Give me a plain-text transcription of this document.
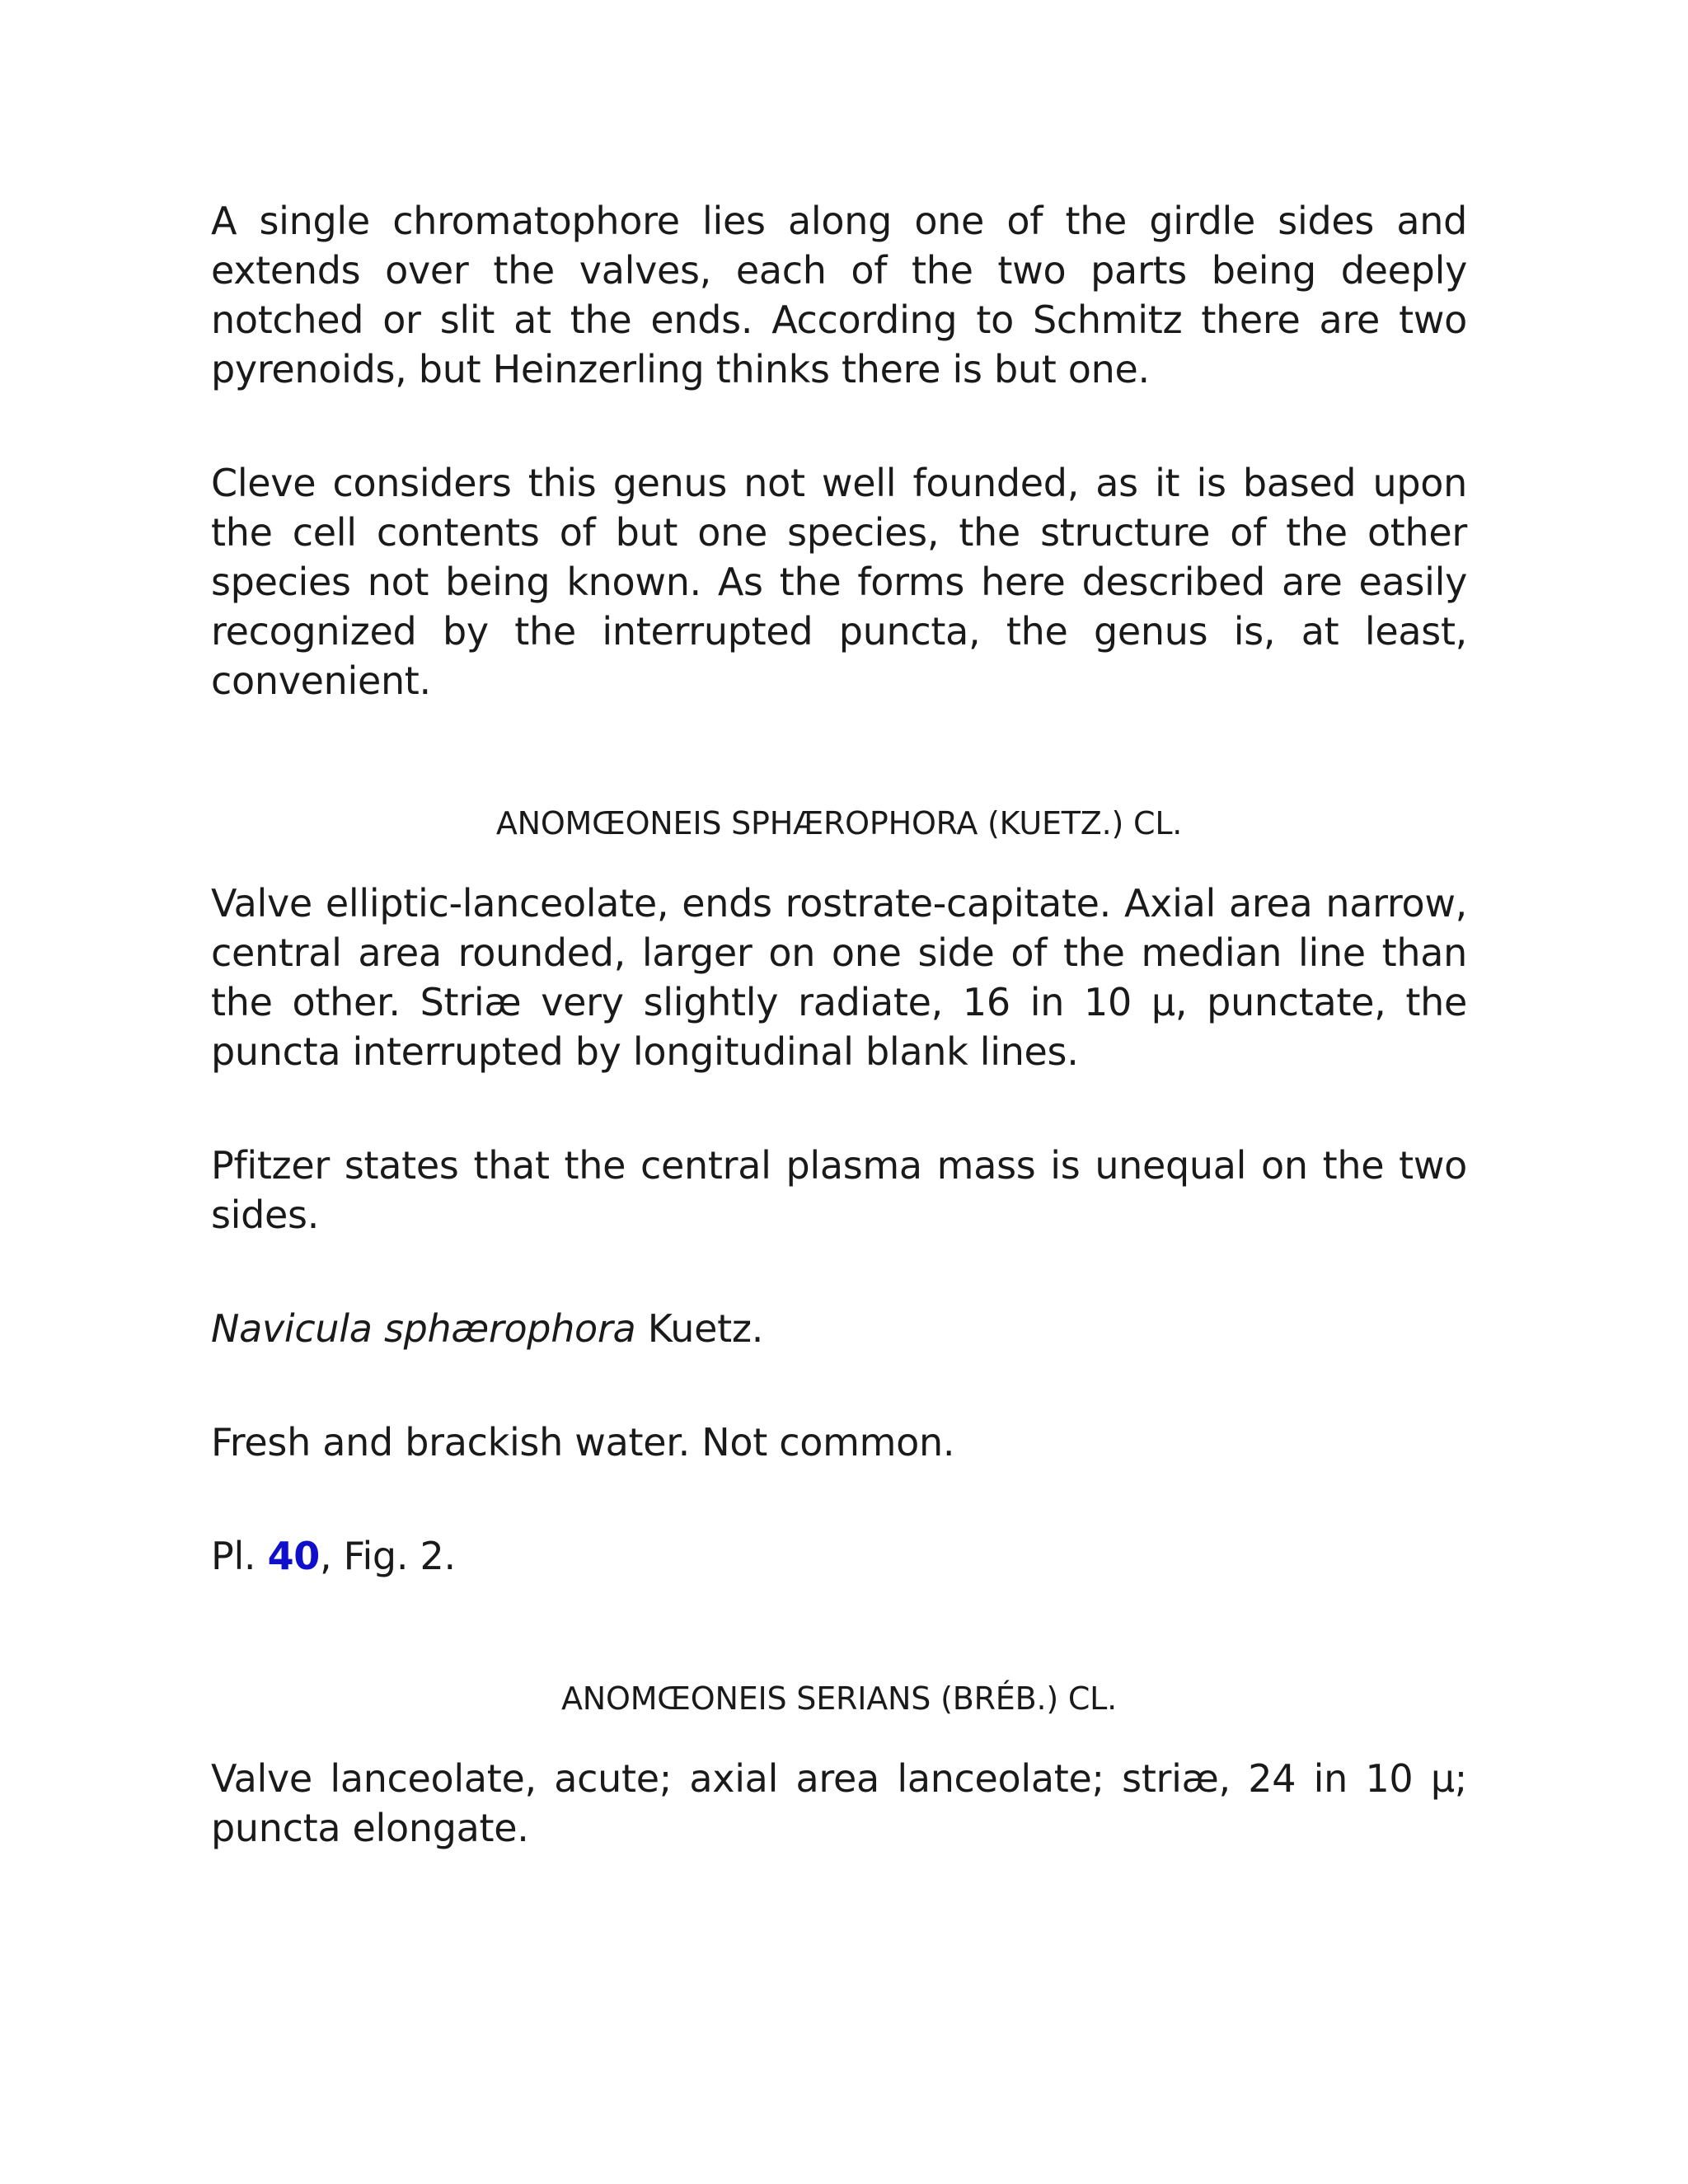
A single chromatophore lies along one of the girdle sides and extends over the valves, each of the two parts being deeply notched or slit at the ends. According to Schmitz there are two pyrenoids, but Heinzerling thinks there is but one.

Cleve considers this genus not well founded, as it is based upon the cell contents of but one species, the structure of the other species not being known. As the forms here described are easily recognized by the interrupted puncta, the genus is, at least, convenient.

ANOMŒONEIS SPHÆROPHORA (KUETZ.) CL.

Valve elliptic-lanceolate, ends rostrate-capitate. Axial area narrow, central area rounded, larger on one side of the median line than the other. Striæ very slightly radiate, 16 in 10 µ, punctate, the puncta interrupted by longitudinal blank lines.

Pfitzer states that the central plasma mass is unequal on the two sides.

Navicula sphærophora Kuetz.

Fresh and brackish water. Not common.

Pl. 40, Fig. 2.

ANOMŒONEIS SERIANS (BRÉB.) CL.

Valve lanceolate, acute; axial area lanceolate; striæ, 24 in 10 µ; puncta elongate.
